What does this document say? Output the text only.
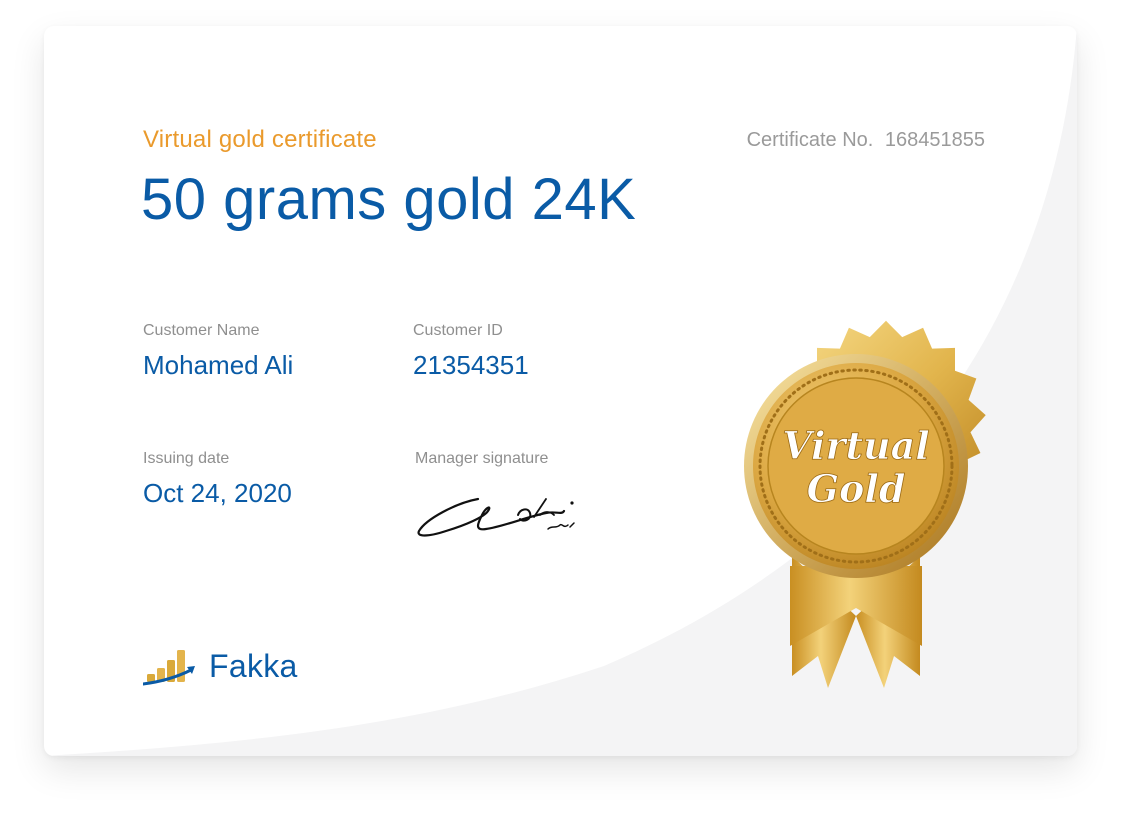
Virtual gold certificate	Certificate No. 168451855
50 grams gold 24K
Customer Name
Mohamed Ali
Customer ID
21354351
Issuing date
Oct 24, 2020
Manager signature	Virtual
Gold
Fakka
